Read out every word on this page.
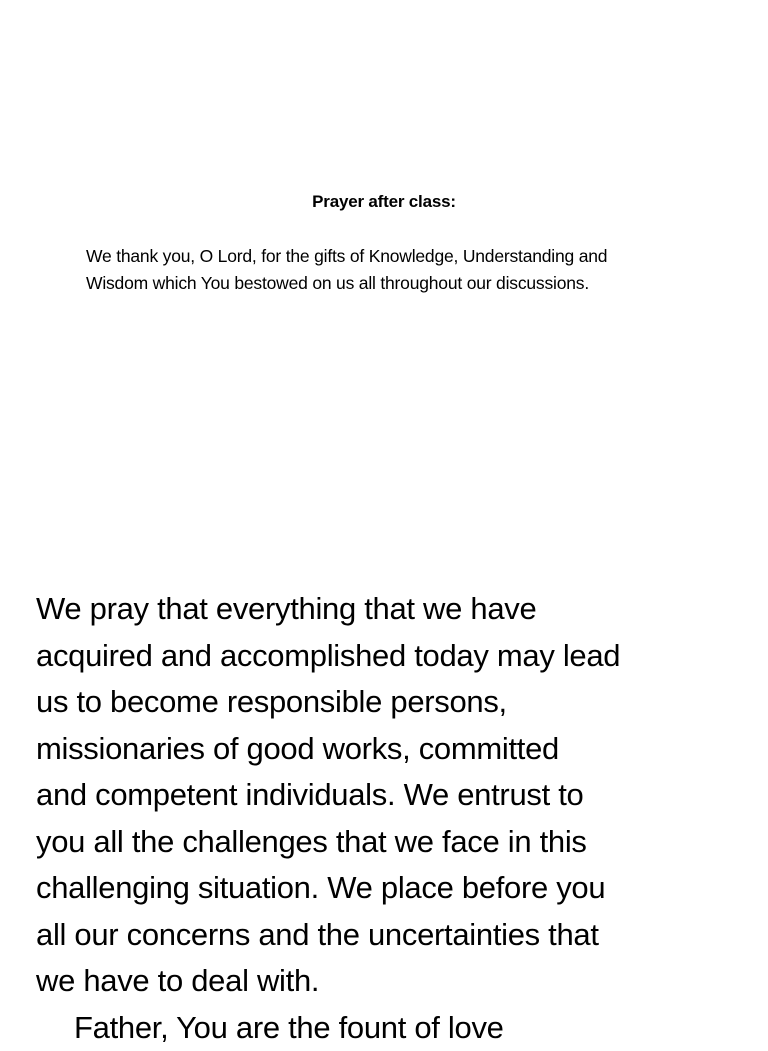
Prayer after class:

We thank you, O Lord, for the gifts of Knowledge, Understanding and

Wisdom which You bestowed on us all throughout our discussions.

We pray that everything that we have
acquired and accomplished today may lead
us to become responsible persons,
missionaries of good works, committed
and competent individuals. We entrust to
you all the challenges that we face in this
challenging situation. We place before you
all our concerns and the uncertainties that
we have to deal with.
Father, You are the fount of love
